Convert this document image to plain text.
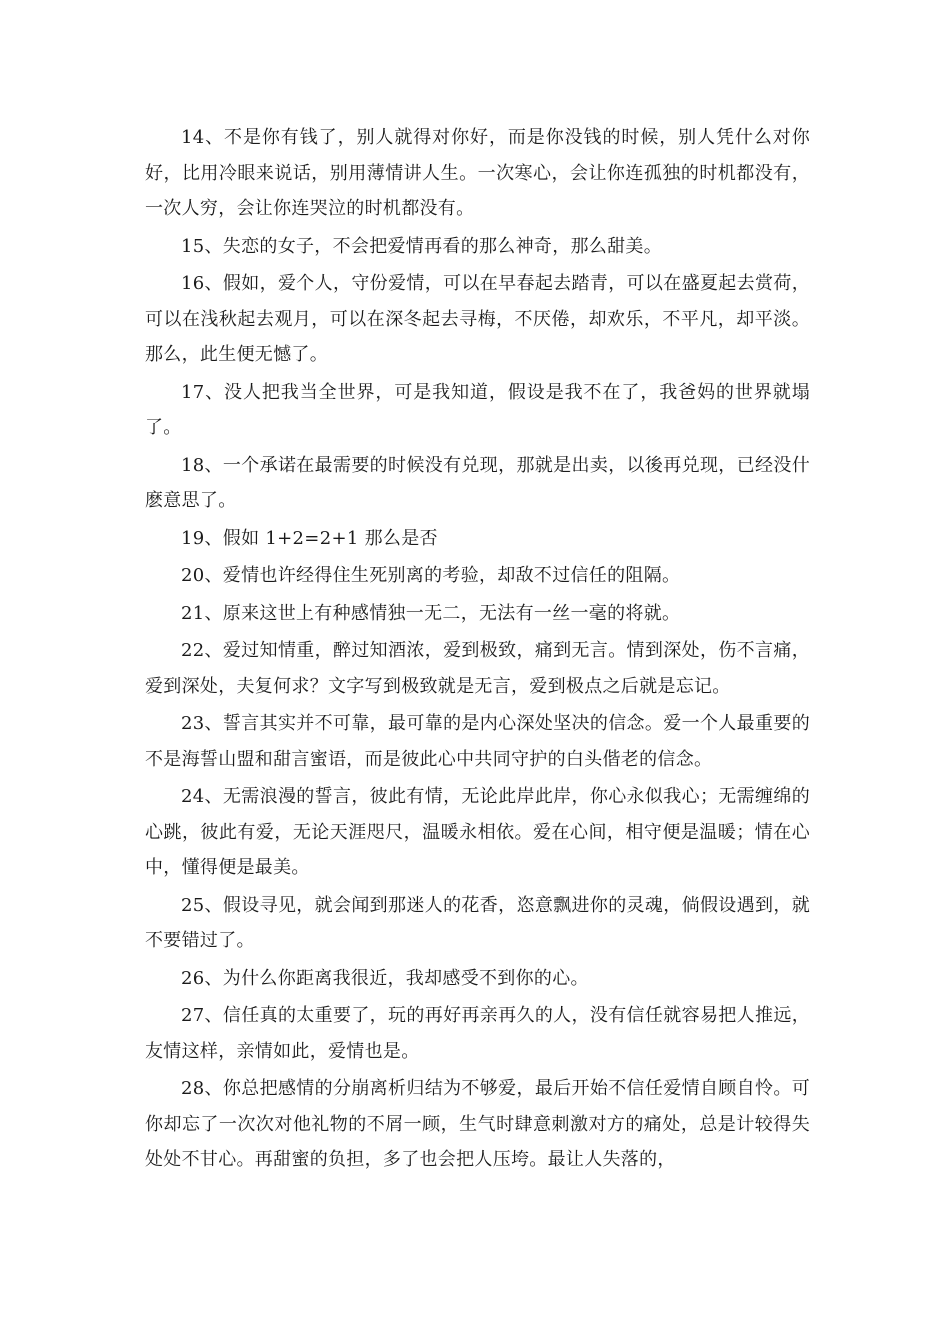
14、不是你有钱了，别人就得对你好，而是你没钱的时候，别人凭什么对你好，比用冷眼来说话，别用薄情讲人生。一次寒心，会让你连孤独的时机都没有，一次人穷，会让你连哭泣的时机都没有。

15、失恋的女子，不会把爱情再看的那么神奇，那么甜美。

16、假如，爱个人，守份爱情，可以在早春起去踏青，可以在盛夏起去赏荷，可以在浅秋起去观月，可以在深冬起去寻梅，不厌倦，却欢乐，不平凡，却平淡。那么，此生便无憾了。

17、没人把我当全世界，可是我知道，假设是我不在了，我爸妈的世界就塌了。

18、一个承诺在最需要的时候没有兑现，那就是出卖，以後再兑现，已经没什麽意思了。

19、假如 1+2=2+1 那么是否

20、爱情也许经得住生死别离的考验，却敌不过信任的阻隔。

21、原来这世上有种感情独一无二，无法有一丝一毫的将就。

22、爱过知情重，醉过知酒浓，爱到极致，痛到无言。情到深处，伤不言痛，爱到深处，夫复何求？文字写到极致就是无言，爱到极点之后就是忘记。

23、誓言其实并不可靠，最可靠的是内心深处坚决的信念。爱一个人最重要的不是海誓山盟和甜言蜜语，而是彼此心中共同守护的白头偕老的信念。

24、无需浪漫的誓言，彼此有情，无论此岸此岸，你心永似我心；无需缠绵的心跳，彼此有爱，无论天涯咫尺，温暖永相依。爱在心间，相守便是温暖；情在心中，懂得便是最美。

25、假设寻见，就会闻到那迷人的花香，恣意飘进你的灵魂，倘假设遇到，就不要错过了。

26、为什么你距离我很近，我却感受不到你的心。

27、信任真的太重要了，玩的再好再亲再久的人，没有信任就容易把人推远，友情这样，亲情如此，爱情也是。

28、你总把感情的分崩离析归结为不够爱，最后开始不信任爱情自顾自怜。可你却忘了一次次对他礼物的不屑一顾，生气时肆意刺激对方的痛处，总是计较得失处处不甘心。再甜蜜的负担，多了也会把人压垮。最让人失落的，
